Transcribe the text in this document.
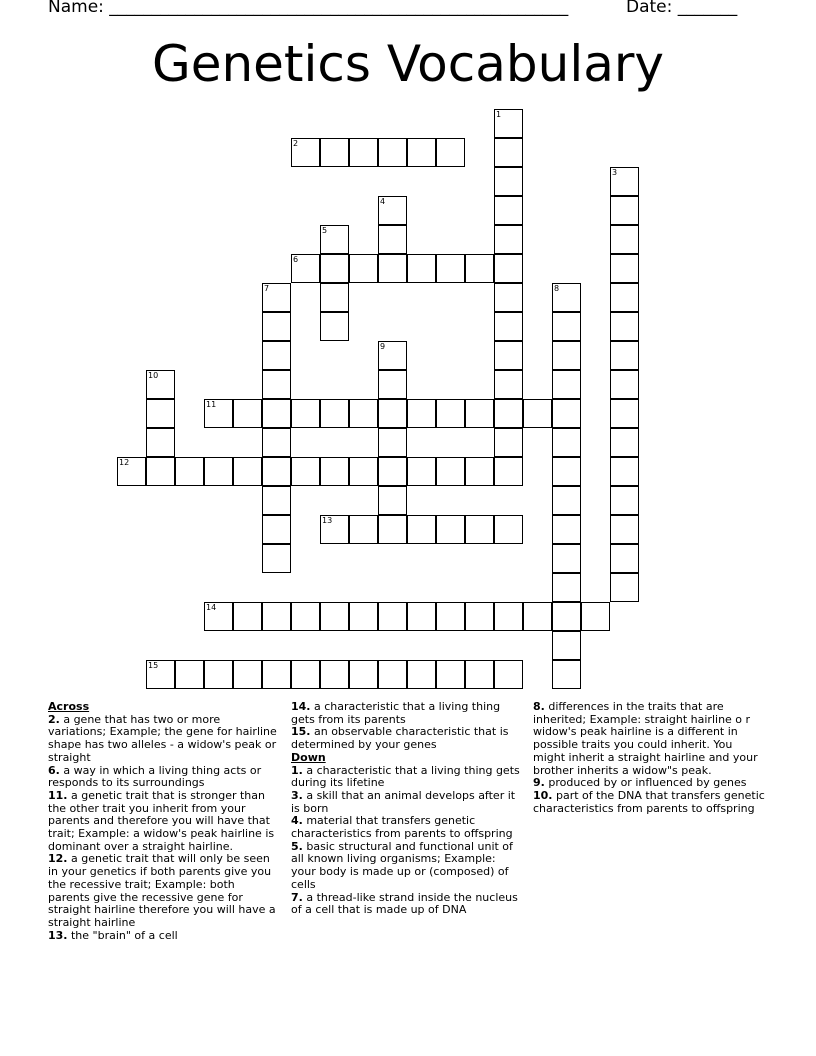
Name: ______________________________________________________	Date: _______
Genetics Vocabulary
1
2
3
4
5
6
7	8
9
10
11
12
13
14
15
Across
2. a gene that has two or more variations; Example; the gene for hairline shape has two alleles - a widow's peak or straight
6. a way in which a living thing acts or responds to its surroundings
11. a genetic trait that is stronger than the other trait you inherit from your parents and therefore you will have that trait; Example: a widow's peak hairline is dominant over a straight hairline.
12. a genetic trait that will only be seen in your genetics if both parents give you the recessive trait; Example: both parents give the recessive gene for straight hairline therefore you will have a straight hairline
13. the "brain" of a cell
14. a characteristic that a living thing gets from its parents
15. an observable characteristic that is determined by your genes
Down
1. a characteristic that a living thing gets during its lifetine
3. a skill that an animal develops after it is born
4. material that transfers genetic characteristics from parents to offspring
5. basic structural and functional unit of all known living organisms; Example: your body is made up or (composed) of cells
7. a thread-like strand inside the nucleus of a cell that is made up of DNA
8. differences in the traits that are inherited; Example: straight hairline o r widow's peak hairline is a different in possible traits you could inherit. You might inherit a straight hairline and your brother inherits a widow"s peak.
9. produced by or influenced by genes
10. part of the DNA that transfers genetic characteristics from parents to offspring
